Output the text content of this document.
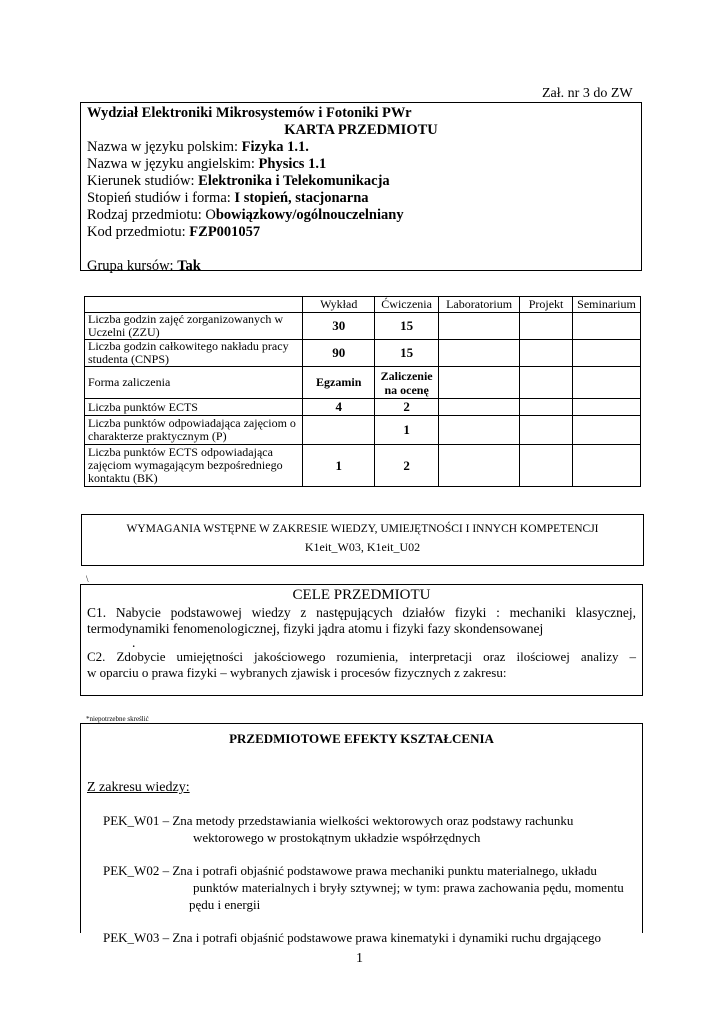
Zał. nr 3 do ZW
Wydział Elektroniki Mikrosystemów i Fotoniki PWr
KARTA PRZEDMIOTU
Nazwa w języku polskim: Fizyka 1.1.
Nazwa w języku angielskim: Physics 1.1
Kierunek studiów: Elektronika i Telekomunikacja
Stopień studiów i forma: I stopień, stacjonarna
Rodzaj przedmiotu: Obowiązkowy/ogólnouczelniany
Kod przedmiotu: FZP001057
Grupa kursów: Tak
	Wykład	Ćwiczenia	Laboratorium	Projekt	Seminarium
Liczba godzin zajęć zorganizowanych w Uczelni (ZZU)	30	15			
Liczba godzin całkowitego nakładu pracy studenta (CNPS)	90	15			
Forma zaliczenia	Egzamin	Zaliczenie na ocenę			
Liczba punktów ECTS	4	2			
Liczba punktów odpowiadająca zajęciom o charakterze praktycznym (P)		1			
Liczba punktów ECTS odpowiadająca zajęciom wymagającym bezpośredniego kontaktu (BK)	1	2			
WYMAGANIA WSTĘPNE W ZAKRESIE WIEDZY, UMIEJĘTNOŚCI I INNYCH KOMPETENCJI
K1eit_W03, K1eit_U02
\
CELE PRZEDMIOTU
C1. Nabycie podstawowej wiedzy z następujących działów fizyki : mechaniki klasycznej,
termodynamiki fenomenologicznej, fizyki jądra atomu i fizyki fazy skondensowanej
.
C2. Zdobycie umiejętności jakościowego rozumienia, interpretacji oraz ilościowej analizy –
w oparciu o prawa fizyki – wybranych zjawisk i procesów fizycznych z zakresu:
*niepotrzebne skreślić
PRZEDMIOTOWE EFEKTY KSZTAŁCENIA
Z zakresu wiedzy:
PEK_W01 – Zna metody przedstawiania wielkości wektorowych oraz podstawy rachunku
wektorowego w prostokątnym układzie współrzędnych
PEK_W02 – Zna i potrafi objaśnić podstawowe prawa mechaniki punktu materialnego, układu
punktów materialnych i bryły sztywnej; w tym: prawa zachowania pędu, momentu
pędu i energii
PEK_W03 – Zna i potrafi objaśnić podstawowe prawa kinematyki i dynamiki ruchu drgającego
1
